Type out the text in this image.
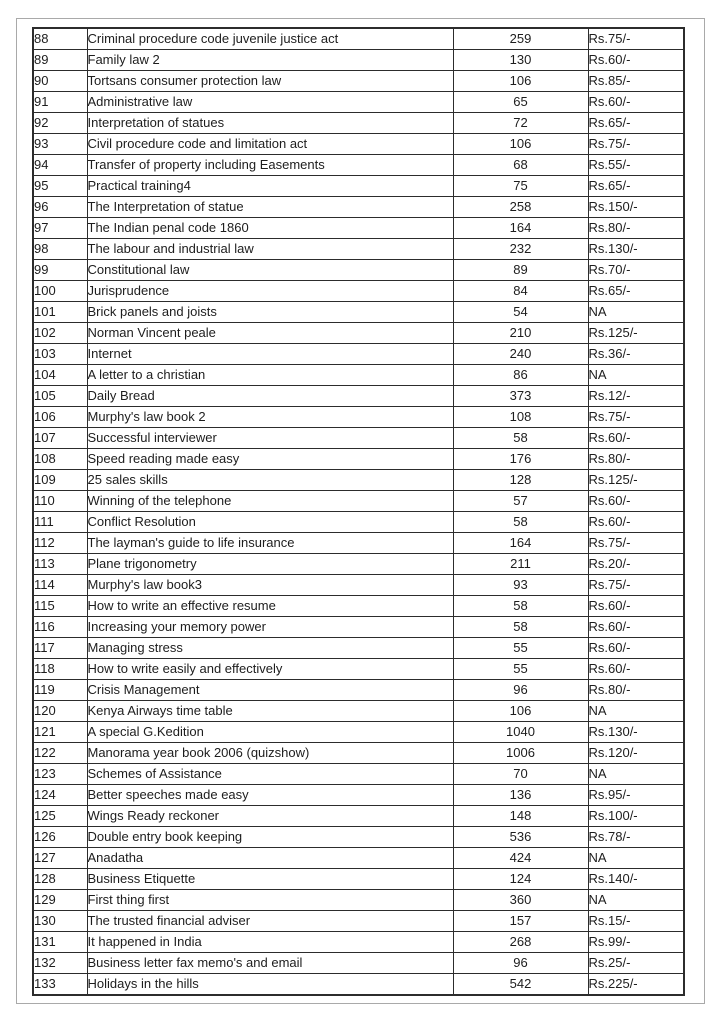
88	Criminal procedure code juvenile justice act	259	Rs.75/-
89	Family law 2	130	Rs.60/-
90	Tortsans consumer protection law	106	Rs.85/-
91	Administrative law	65	Rs.60/-
92	Interpretation of statues	72	Rs.65/-
93	Civil procedure code and limitation act	106	Rs.75/-
94	Transfer of property including Easements	68	Rs.55/-
95	Practical training4	75	Rs.65/-
96	The Interpretation of statue	258	Rs.150/-
97	The Indian penal code 1860	164	Rs.80/-
98	The labour and industrial law	232	Rs.130/-
99	Constitutional law	89	Rs.70/-
100	Jurisprudence	84	Rs.65/-
101	Brick panels and joists	54	NA
102	Norman Vincent peale	210	Rs.125/-
103	Internet	240	Rs.36/-
104	A letter to a christian	86	NA
105	Daily Bread	373	Rs.12/-
106	Murphy's law book 2	108	Rs.75/-
107	Successful interviewer	58	Rs.60/-
108	Speed reading made easy	176	Rs.80/-
109	25 sales skills	128	Rs.125/-
110	Winning of the telephone	57	Rs.60/-
111	Conflict Resolution	58	Rs.60/-
112	The layman's guide to life insurance	164	Rs.75/-
113	Plane trigonometry	211	Rs.20/-
114	Murphy's law book3	93	Rs.75/-
115	How to write an effective resume	58	Rs.60/-
116	Increasing your memory power	58	Rs.60/-
117	Managing stress	55	Rs.60/-
118	How to write easily and effectively	55	Rs.60/-
119	Crisis Management	96	Rs.80/-
120	Kenya Airways time table	106	NA
121	A special G.Kedition	1040	Rs.130/-
122	Manorama year book 2006 (quizshow)	1006	Rs.120/-
123	Schemes of Assistance	70	NA
124	Better speeches made easy	136	Rs.95/-
125	Wings Ready reckoner	148	Rs.100/-
126	Double entry book keeping	536	Rs.78/-
127	Anadatha	424	NA
128	Business Etiquette	124	Rs.140/-
129	First thing first	360	NA
130	The trusted financial adviser	157	Rs.15/-
131	It happened in India	268	Rs.99/-
132	Business letter fax memo's and email	96	Rs.25/-
133	Holidays in the hills	542	Rs.225/-
